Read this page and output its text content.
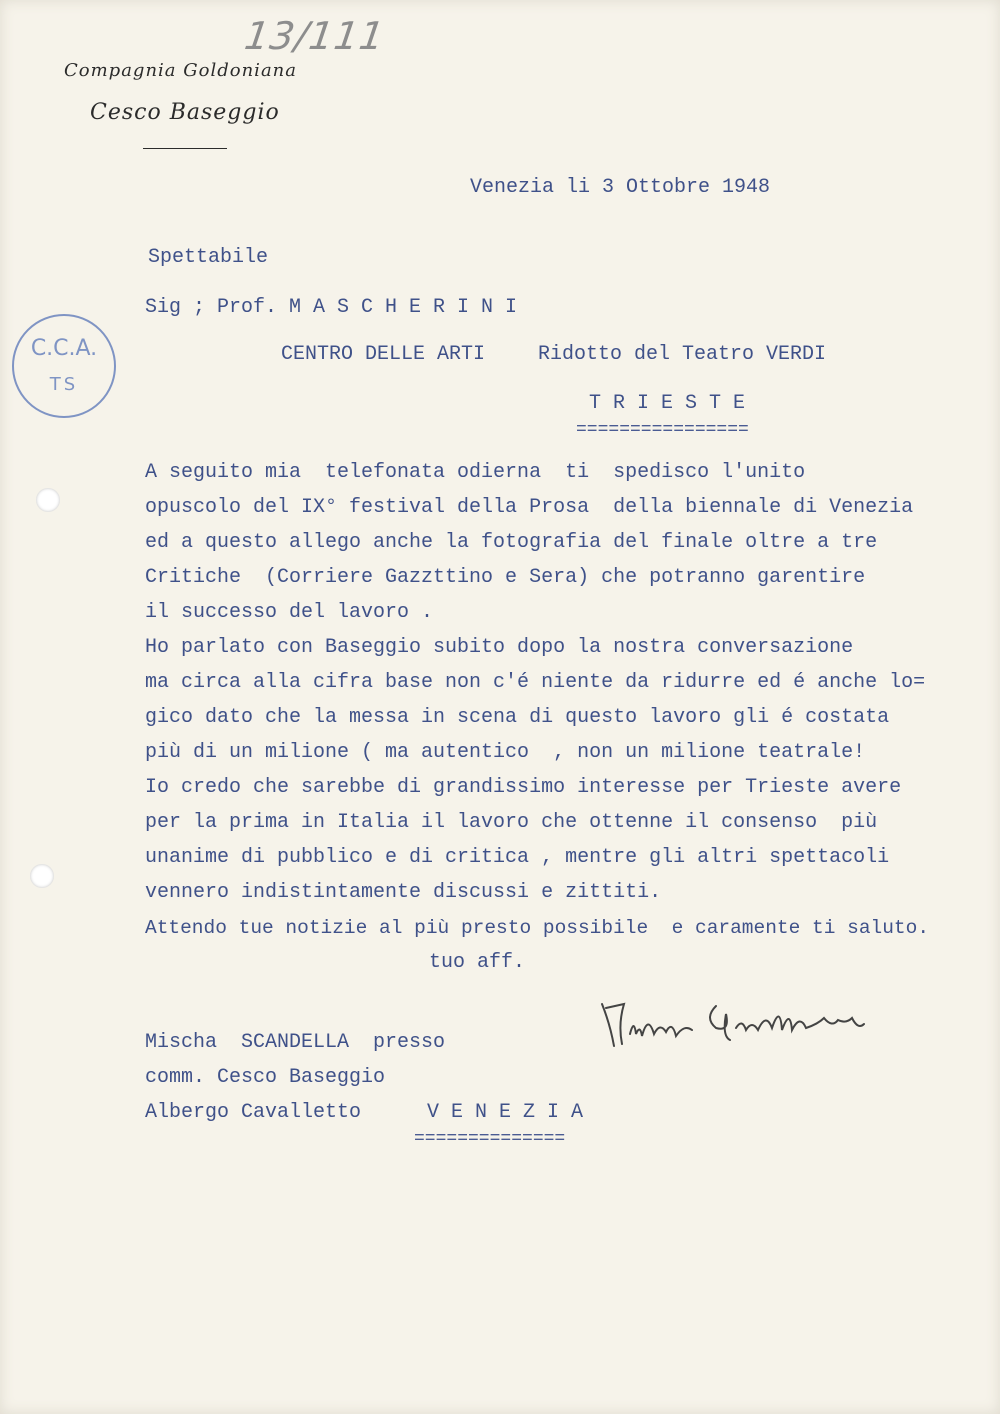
13/111
Compagnia Goldoniana
Cesco Baseggio
Venezia li 3 Ottobre 1948
C.C.A.
TS
Spettabile
Sig ; Prof. M A S C H E R I N I
CENTRO DELLE ARTI	Ridotto del Teatro VERDI
T R I E S T E
================
A seguito mia  telefonata odierna  ti  spedisco l'unito
opuscolo del IX° festival della Prosa  della biennale di Venezia
ed a questo allego anche la fotografia del finale oltre a tre
Critiche  (Corriere Gazzttino e Sera) che potranno garentire
il successo del lavoro .
Ho parlato con Baseggio subito dopo la nostra conversazione
ma circa alla cifra base non c'é niente da ridurre ed é anche lo=
gico dato che la messa in scena di questo lavoro gli é costata
più di un milione ( ma autentico  , non un milione teatrale!
Io credo che sarebbe di grandissimo interesse per Trieste avere
per la prima in Italia il lavoro che ottenne il consenso  più
unanime di pubblico e di critica , mentre gli altri spettacoli
vennero indistintamente discussi e zittiti.
Attendo tue notizie al più presto possibile  e caramente ti saluto.
tuo aff.
Mischa  SCANDELLA  presso
comm. Cesco Baseggio
Albergo Cavalletto	V E N E Z I A
==============
